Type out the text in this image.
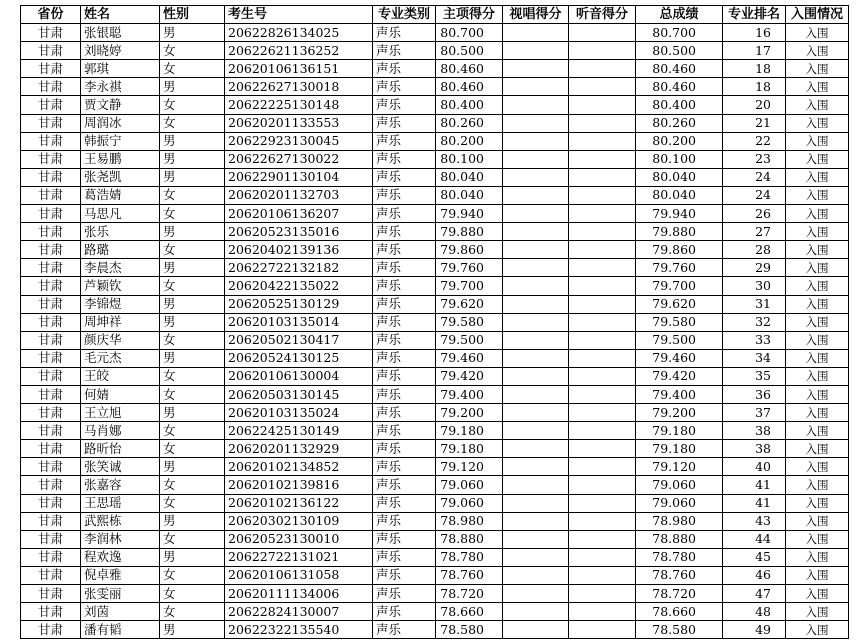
省份	姓名	性别	考生号	专业类别	主项得分	视唱得分	听音得分	总成绩	专业排名	入围情况
甘肃	张银聪	男	20622826134025	声乐	80.700			80.700	16	入围
甘肃	刘晓婷	女	20622621136252	声乐	80.500			80.500	17	入围
甘肃	郭琪	女	20620106136151	声乐	80.460			80.460	18	入围
甘肃	李永祺	男	20622627130018	声乐	80.460			80.460	18	入围
甘肃	贾文静	女	20622225130148	声乐	80.400			80.400	20	入围
甘肃	周润冰	女	20620201133553	声乐	80.260			80.260	21	入围
甘肃	韩振宁	男	20622923130045	声乐	80.200			80.200	22	入围
甘肃	王易鹏	男	20622627130022	声乐	80.100			80.100	23	入围
甘肃	张尧凯	男	20622901130104	声乐	80.040			80.040	24	入围
甘肃	葛浩婧	女	20620201132703	声乐	80.040			80.040	24	入围
甘肃	马思凡	女	20620106136207	声乐	79.940			79.940	26	入围
甘肃	张乐	男	20620523135016	声乐	79.880			79.880	27	入围
甘肃	路璐	女	20620402139136	声乐	79.860			79.860	28	入围
甘肃	李晨杰	男	20622722132182	声乐	79.760			79.760	29	入围
甘肃	芦颖钦	女	20620422135022	声乐	79.700			79.700	30	入围
甘肃	李锦煜	男	20620525130129	声乐	79.620			79.620	31	入围
甘肃	周坤祥	男	20620103135014	声乐	79.580			79.580	32	入围
甘肃	颜庆华	女	20620502130417	声乐	79.500			79.500	33	入围
甘肃	毛元杰	男	20620524130125	声乐	79.460			79.460	34	入围
甘肃	王皎	女	20620106130004	声乐	79.420			79.420	35	入围
甘肃	何婧	女	20620503130145	声乐	79.400			79.400	36	入围
甘肃	王立旭	男	20620103135024	声乐	79.200			79.200	37	入围
甘肃	马肖娜	女	20622425130149	声乐	79.180			79.180	38	入围
甘肃	路昕怡	女	20620201132929	声乐	79.180			79.180	38	入围
甘肃	张笑诚	男	20620102134852	声乐	79.120			79.120	40	入围
甘肃	张嘉容	女	20620102139816	声乐	79.060			79.060	41	入围
甘肃	王思瑶	女	20620102136122	声乐	79.060			79.060	41	入围
甘肃	武熙栋	男	20620302130109	声乐	78.980			78.980	43	入围
甘肃	李润林	女	20620523130010	声乐	78.880			78.880	44	入围
甘肃	程欢逸	男	20622722131021	声乐	78.780			78.780	45	入围
甘肃	倪卓雅	女	20620106131058	声乐	78.760			78.760	46	入围
甘肃	张雯丽	女	20620111134006	声乐	78.720			78.720	47	入围
甘肃	刘茵	女	20622824130007	声乐	78.660			78.660	48	入围
甘肃	潘有韬	男	20622322135540	声乐	78.580			78.580	49	入围
